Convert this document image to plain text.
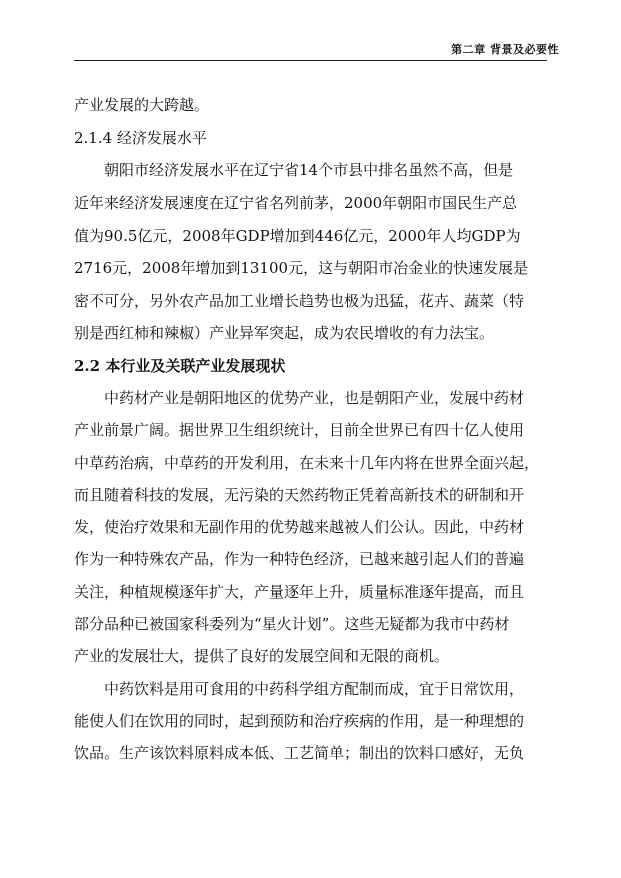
第二章 背景及必要性
产业发展的大跨越。
2.1.4 经济发展水平
朝阳市经济发展水平在辽宁省14个市县中排名虽然不高，但是
近年来经济发展速度在辽宁省名列前茅，2000年朝阳市国民生产总
值为90.5亿元，2008年GDP增加到446亿元，2000年人均GDP为
2716元，2008年增加到13100元，这与朝阳市冶金业的快速发展是
密不可分，另外农产品加工业增长趋势也极为迅猛，花卉、蔬菜（特
别是西红柿和辣椒）产业异军突起，成为农民增收的有力法宝。
2.2 本行业及关联产业发展现状
中药材产业是朝阳地区的优势产业，也是朝阳产业，发展中药材
产业前景广阔。据世界卫生组织统计，目前全世界已有四十亿人使用
中草药治病，中草药的开发利用，在未来十几年内将在世界全面兴起，
而且随着科技的发展，无污染的天然药物正凭着高新技术的研制和开
发，使治疗效果和无副作用的优势越来越被人们公认。因此，中药材
作为一种特殊农产品，作为一种特色经济，已越来越引起人们的普遍
关注，种植规模逐年扩大，产量逐年上升，质量标准逐年提高，而且
部分品种已被国家科委列为“星火计划”。这些无疑都为我市中药材
产业的发展壮大，提供了良好的发展空间和无限的商机。
中药饮料是用可食用的中药科学组方配制而成，宜于日常饮用，
能使人们在饮用的同时，起到预防和治疗疾病的作用，是一种理想的
饮品。生产该饮料原料成本低、工艺简单；制出的饮料口感好，无负
